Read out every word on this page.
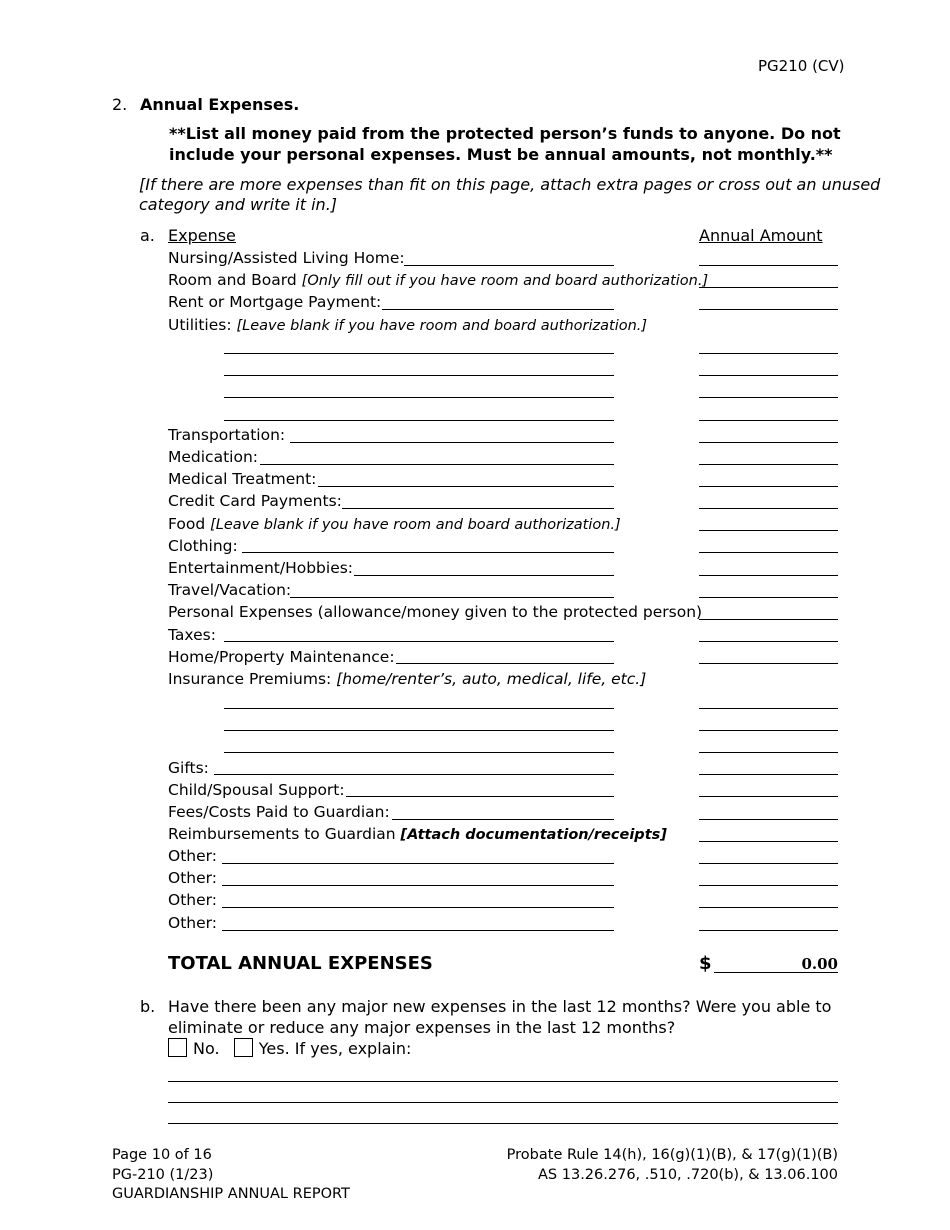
PG210 (CV)
2. Annual Expenses.
**List all money paid from the protected person’s funds to anyone. Do not
include your personal expenses. Must be annual amounts, not monthly.**
[If there are more expenses than fit on this page, attach extra pages or cross out an unused
category and write it in.]
a. Expense	Annual Amount
Nursing/Assisted Living Home:
Room and Board [Only fill out if you have room and board authorization.]
Rent or Mortgage Payment:
Utilities: [Leave blank if you have room and board authorization.]
Transportation:
Medication:
Medical Treatment:
Credit Card Payments:
Food [Leave blank if you have room and board authorization.]
Clothing:
Entertainment/Hobbies:
Travel/Vacation:
Personal Expenses (allowance/money given to the protected person)
Taxes:
Home/Property Maintenance:
Insurance Premiums: [home/renter’s, auto, medical, life, etc.]
Gifts:
Child/Spousal Support:
Fees/Costs Paid to Guardian:
Reimbursements to Guardian [Attach documentation/receipts]
Other:
Other:
Other:
Other:
TOTAL ANNUAL EXPENSES	$	0.00
b. Have there been any major new expenses in the last 12 months? Were you able to
eliminate or reduce any major expenses in the last 12 months?
No. Yes. If yes, explain:
Page 10 of 16
PG-210 (1/23)
GUARDIANSHIP ANNUAL REPORT
Probate Rule 14(h), 16(g)(1)(B), & 17(g)(1)(B)
AS 13.26.276, .510, .720(b), & 13.06.100
